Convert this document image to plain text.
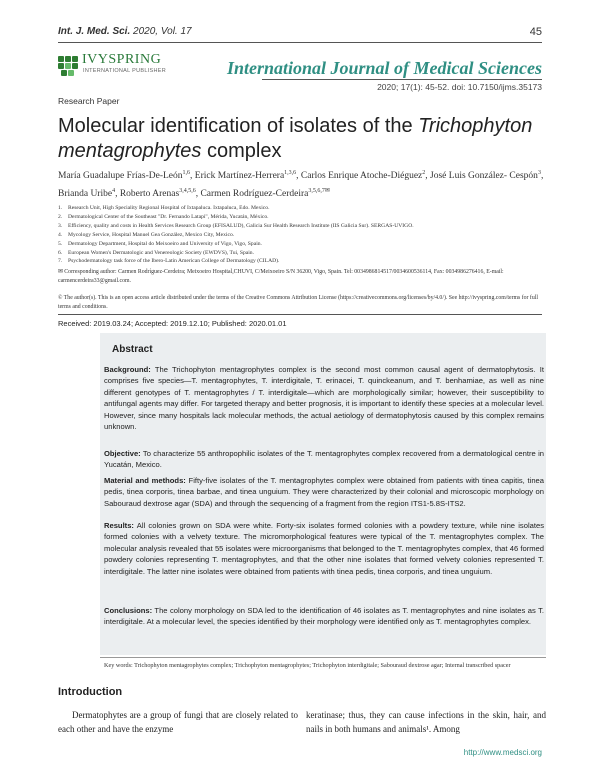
Int. J. Med. Sci. 2020, Vol. 17	45
IVYSPRING
INTERNATIONAL PUBLISHER	International Journal of Medical Sciences
2020; 17(1): 45-52. doi: 10.7150/ijms.35173
Research Paper
Molecular identification of isolates of the Trichophyton mentagrophytes complex
María Guadalupe Frías-De-León$^{1,6}$, Erick Martínez-Herrera$^{1,3,6}$, Carlos Enrique Atoche-Diéguez$^2$, José Luis González- Cespón$^3$, Brianda Uribe$^4$, Roberto Arenas$^{3,4,5,6}$, Carmen Rodríguez-Cerdeira$^{3,5,6,7✉}$
1.	Research Unit, High Speciality Regional Hospital of Ixtapaluca. Ixtapaluca, Edo. Mexico.
2.	Dermatological Center of the Southeast "Dr. Fernando Latapi", Mérida, Yucatán, México.
3.	Efficiency, quality and costs in Health Services Research Group (EFISALUD), Galicia Sur Health Research Institute (IIS Galicia Sur). SERGAS-UVIGO.
4.	Mycology Service, Hospital Manuel Gea González, Mexico City, Mexico.
5.	Dermatology Department, Hospital do Meixoeiro and University of Vigo, Vigo, Spain.
6.	European Women's Dermatologic and Venereologic Society (EWDVS), Tui, Spain.
7.	Psychodermatology task force of the Ibero-Latin American College of Dermatology (CILAD).
✉ Corresponding author: Carmen Rodríguez-Cerdeira; Meixoeiro Hospital,CHUVI, C/Meixoeiro S/N 36200, Vigo, Spain. Tel: 0034986814517/0034600536114, Fax: 0034986276416, E-mail: carmencerdeira33@gmail.com.
© The author(s). This is an open access article distributed under the terms of the Creative Commons Attribution License (https://creativecommons.org/licenses/by/4.0/). See http://ivyspring.com/terms for full terms and conditions.
Received: 2019.03.24; Accepted: 2019.12.10; Published: 2020.01.01
Abstract

Background: The Trichophyton mentagrophytes complex is the second most common causal agent of dermatophytosis. It comprises five species—T. mentagrophytes, T. interdigitale, T. erinacei, T. quinckeanum, and T. benhamiae, as well as nine different genotypes of T. mentagrophytes / T. interdigitale—which are morphologically similar; however, their susceptibility to antifungal agents may differ. For targeted therapy and better prognosis, it is important to identify these species at a molecular level. However, since many hospitals lack molecular methods, the actual aetiology of dermatophytosis caused by this complex remains unknown.

Objective: To characterize 55 anthropophilic isolates of the T. mentagrophytes complex recovered from a dermatological centre in Yucatán, Mexico.

Material and methods: Fifty-five isolates of the T. mentagrophytes complex were obtained from patients with tinea capitis, tinea pedis, tinea corporis, tinea barbae, and tinea unguium. They were characterized by their colonial and microscopic morphology on Sabouraud dextrose agar (SDA) and through the sequencing of a fragment from the region ITS1-5.8S-ITS2.

Results: All colonies grown on SDA were white. Forty-six isolates formed colonies with a powdery texture, while nine isolates formed colonies with a velvety texture. The micromorphological features were typical of the T. mentagrophytes complex. The molecular analysis revealed that 55 isolates were microorganisms that belonged to the T. mentagrophytes complex, that 46 formed powdery colonies representing T. mentagrophytes, and that the other nine isolates that formed velvety colonies represented T. interdigitale. The latter nine isolates were obtained from patients with tinea pedis, tinea corporis, and tinea unguium.

Conclusions: The colony morphology on SDA led to the identification of 46 isolates as T. mentagrophytes and nine isolates as T. interdigitale. At a molecular level, the species identified by their morphology were identified only as T. mentagrophytes complex.

Key words: Trichophyton mentagrophytes complex; Trichophyton mentagrophytes; Trichophyton interdigitale; Sabouraud dextrose agar; Internal transcribed spacer
Introduction

Dermatophytes are a group of fungi that are closely related to each other and have the enzyme

keratinase; thus, they can cause infections in the skin, hair, and nails in both humans and animals¹. Among

http://www.medsci.org
